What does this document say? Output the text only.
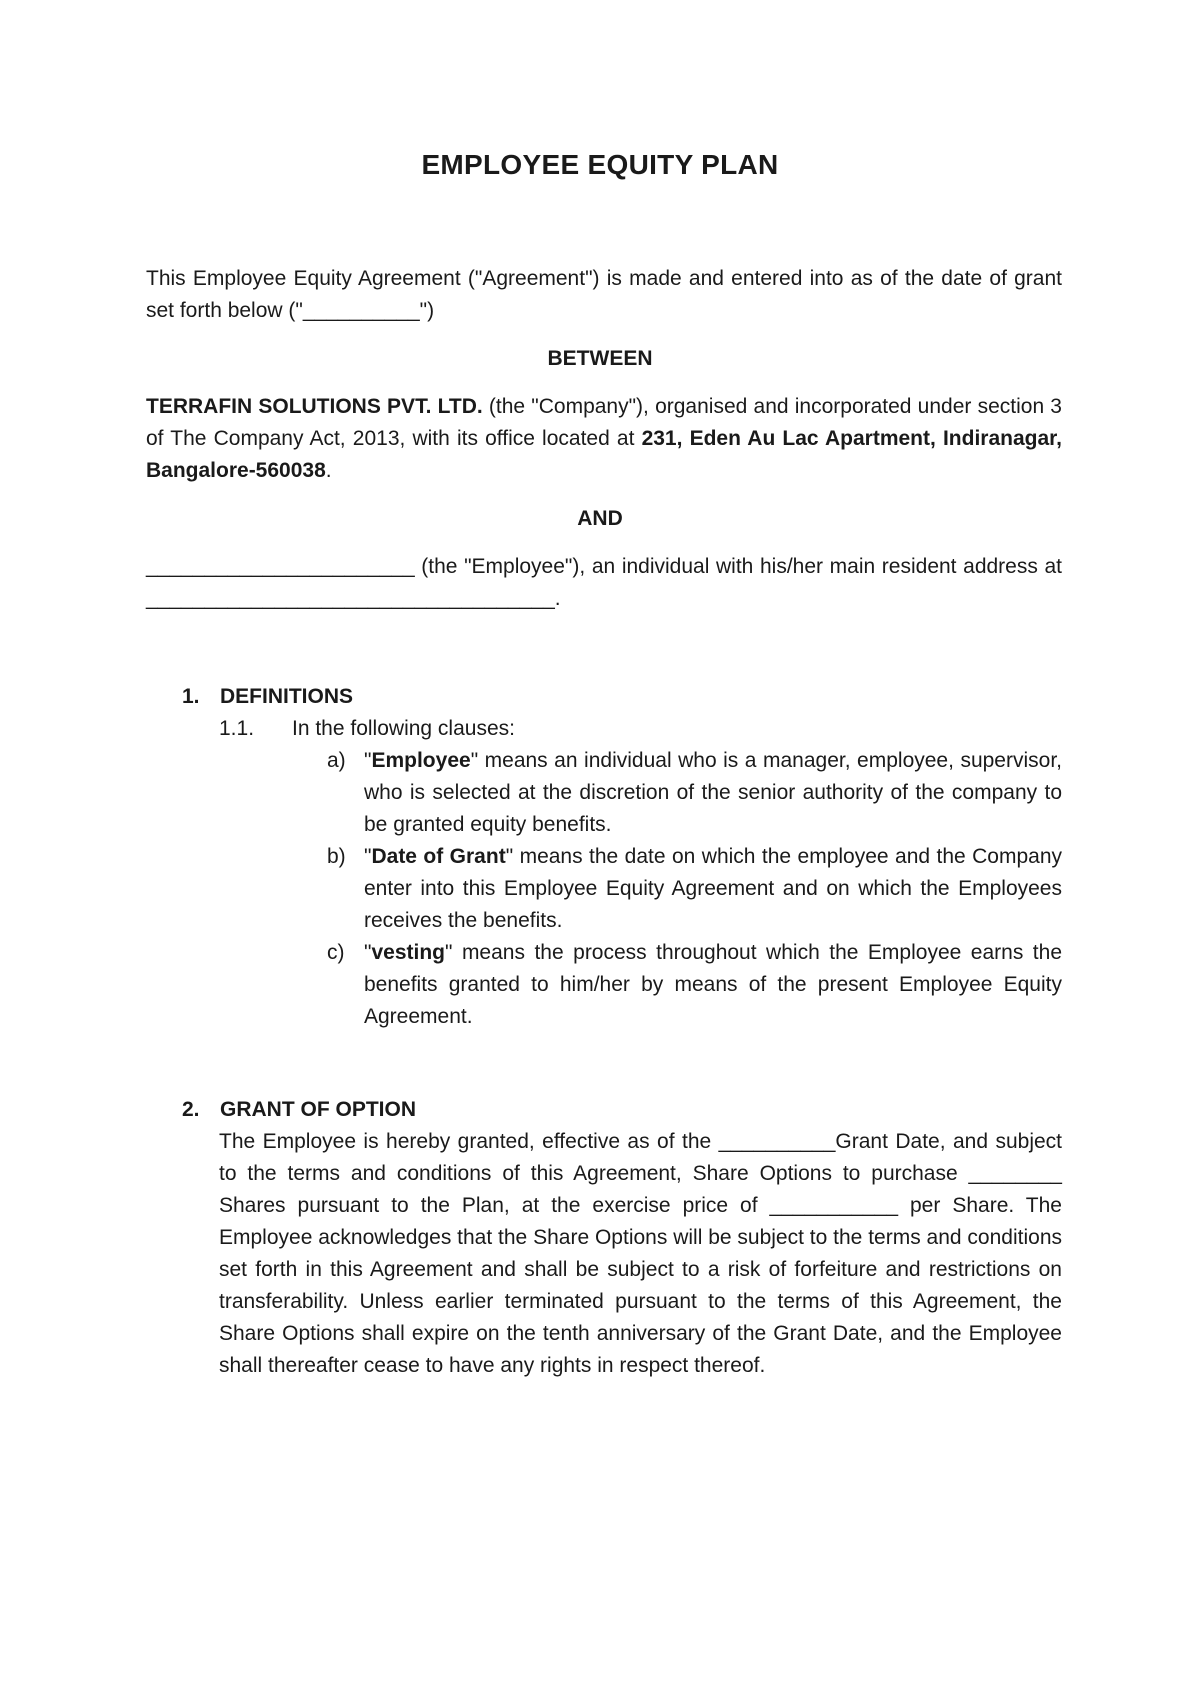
EMPLOYEE EQUITY PLAN
This Employee Equity Agreement ("Agreement") is made and entered into as of the date of grant set forth below ("__________")
BETWEEN
TERRAFIN SOLUTIONS PVT. LTD. (the "Company"), organised and incorporated under section 3 of The Company Act, 2013, with its office located at 231, Eden Au Lac Apartment, Indiranagar, Bangalore-560038.
AND
_______________________ (the "Employee"), an individual with his/her main resident address at ___________________________________.
1. DEFINITIONS
1.1. In the following clauses:
a) "Employee" means an individual who is a manager, employee, supervisor, who is selected at the discretion of the senior authority of the company to be granted equity benefits.
b) "Date of Grant" means the date on which the employee and the Company enter into this Employee Equity Agreement and on which the Employees receives the benefits.
c) "vesting" means the process throughout which the Employee earns the benefits granted to him/her by means of the present Employee Equity Agreement.
2. GRANT OF OPTION
The Employee is hereby granted, effective as of the __________Grant Date, and subject to the terms and conditions of this Agreement, Share Options to purchase ________ Shares pursuant to the Plan, at the exercise price of ___________ per Share. The Employee acknowledges that the Share Options will be subject to the terms and conditions set forth in this Agreement and shall be subject to a risk of forfeiture and restrictions on transferability. Unless earlier terminated pursuant to the terms of this Agreement, the Share Options shall expire on the tenth anniversary of the Grant Date, and the Employee shall thereafter cease to have any rights in respect thereof.
